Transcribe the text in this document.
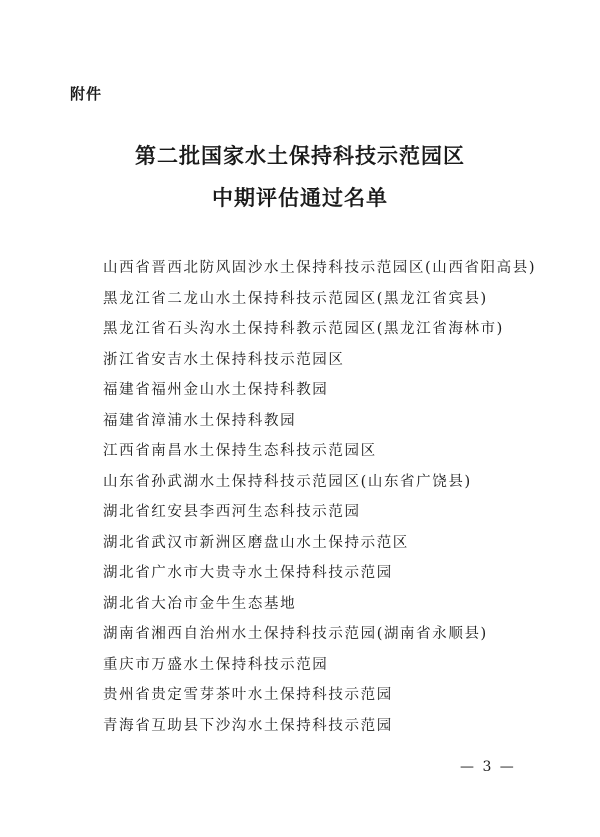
附件
第二批国家水土保持科技示范园区
中期评估通过名单
山西省晋西北防风固沙水土保持科技示范园区(山西省阳高县)
黑龙江省二龙山水土保持科技示范园区(黑龙江省宾县)
黑龙江省石头沟水土保持科教示范园区(黑龙江省海林市)
浙江省安吉水土保持科技示范园区
福建省福州金山水土保持科教园
福建省漳浦水土保持科教园
江西省南昌水土保持生态科技示范园区
山东省孙武湖水土保持科技示范园区(山东省广饶县)
湖北省红安县李西河生态科技示范园
湖北省武汉市新洲区磨盘山水土保持示范区
湖北省广水市大贵寺水土保持科技示范园
湖北省大冶市金牛生态基地
湖南省湘西自治州水土保持科技示范园(湖南省永顺县)
重庆市万盛水土保持科技示范园
贵州省贵定雪芽茶叶水土保持科技示范园
青海省互助县下沙沟水土保持科技示范园
— 3 —
